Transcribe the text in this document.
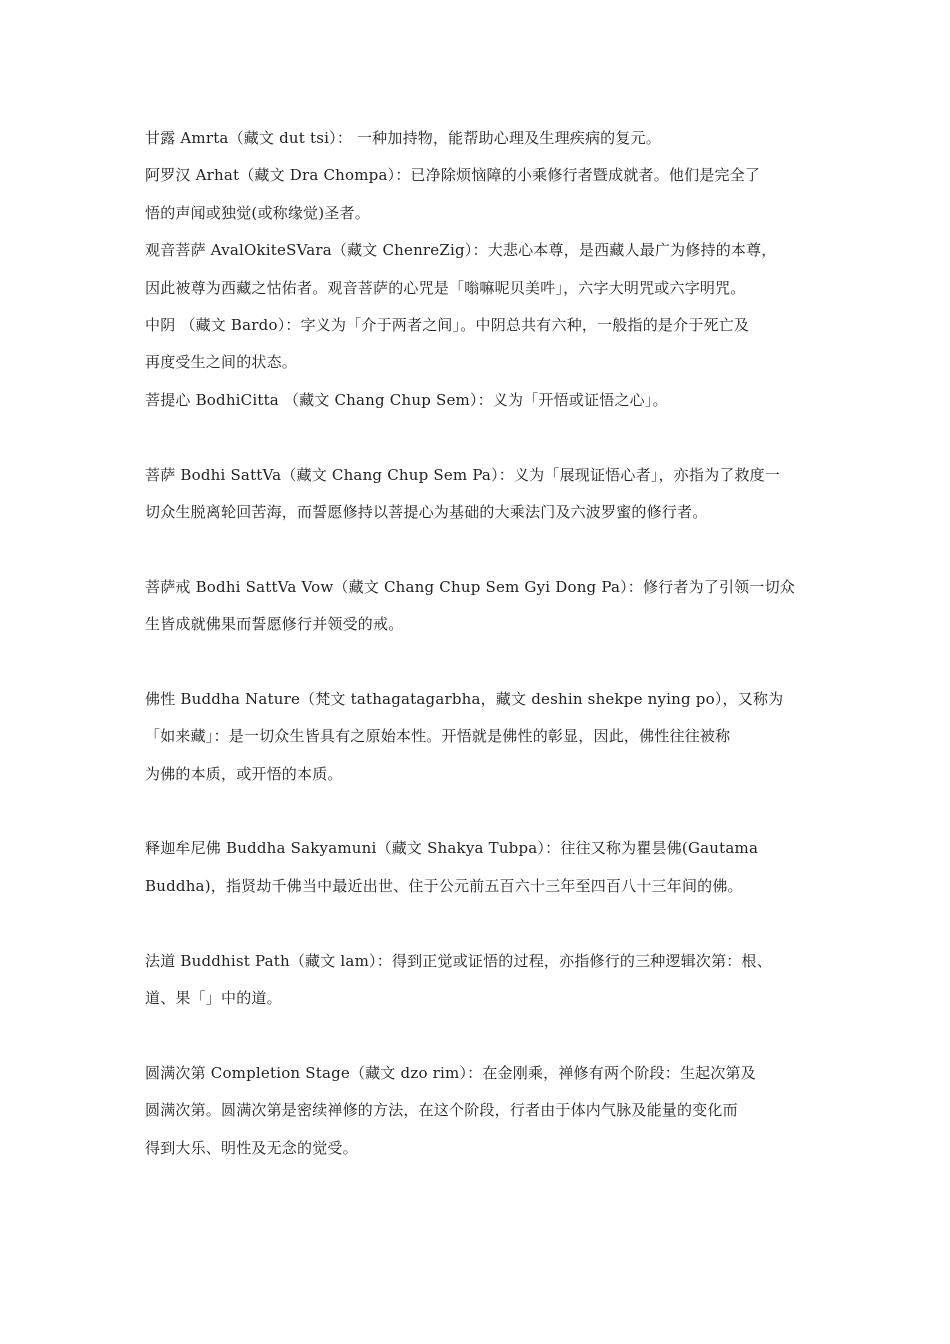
甘露 Amrta（藏文 dut tsi）： 一种加持物，能帮助心理及生理疾病的复元。
阿罗汉 Arhat（藏文 Dra Chompa）：已净除烦恼障的小乘修行者暨成就者。他们是完全了
悟的声闻或独觉(或称缘觉)圣者。
观音菩萨 AvalOkiteSVara（藏文 ChenreZig）：大悲心本尊，是西藏人最广为修持的本尊，
因此被尊为西藏之怙佑者。观音菩萨的心咒是「嗡嘛呢贝美吽」，六字大明咒或六字明咒。
中阴 （藏文 Bardo）：字义为「介于两者之间」。中阴总共有六种，一般指的是介于死亡及
再度受生之间的状态。
菩提心 BodhiCitta （藏文 Chang Chup Sem）：义为「开悟或证悟之心」。
菩萨 Bodhi SattVa（藏文 Chang Chup Sem Pa）：义为「展现证悟心者」，亦指为了救度一
切众生脱离轮回苦海，而誓愿修持以菩提心为基础的大乘法门及六波罗蜜的修行者。
菩萨戒 Bodhi SattVa Vow（藏文 Chang Chup Sem Gyi Dong Pa）：修行者为了引领一切众
生皆成就佛果而誓愿修行并领受的戒。
佛性 Buddha Nature（梵文 tathagatagarbha，藏文 deshin shekpe nying po），又称为
「如来藏」：是一切众生皆具有之原始本性。开悟就是佛性的彰显，因此，佛性往往被称
为佛的本质，或开悟的本质。
释迦牟尼佛 Buddha Sakyamuni（藏文 Shakya Tubpa）：往往又称为瞿昙佛(Gautama
Buddha)，指贤劫千佛当中最近出世、住于公元前五百六十三年至四百八十三年间的佛。
法道 Buddhist Path（藏文 lam）：得到正觉或证悟的过程，亦指修行的三种逻辑次第：根、
道、果「」中的道。
圆满次第 Completion Stage（藏文 dzo rim）：在金刚乘，禅修有两个阶段：生起次第及
圆满次第。圆满次第是密续禅修的方法，在这个阶段，行者由于体内气脉及能量的变化而
得到大乐、明性及无念的觉受。
